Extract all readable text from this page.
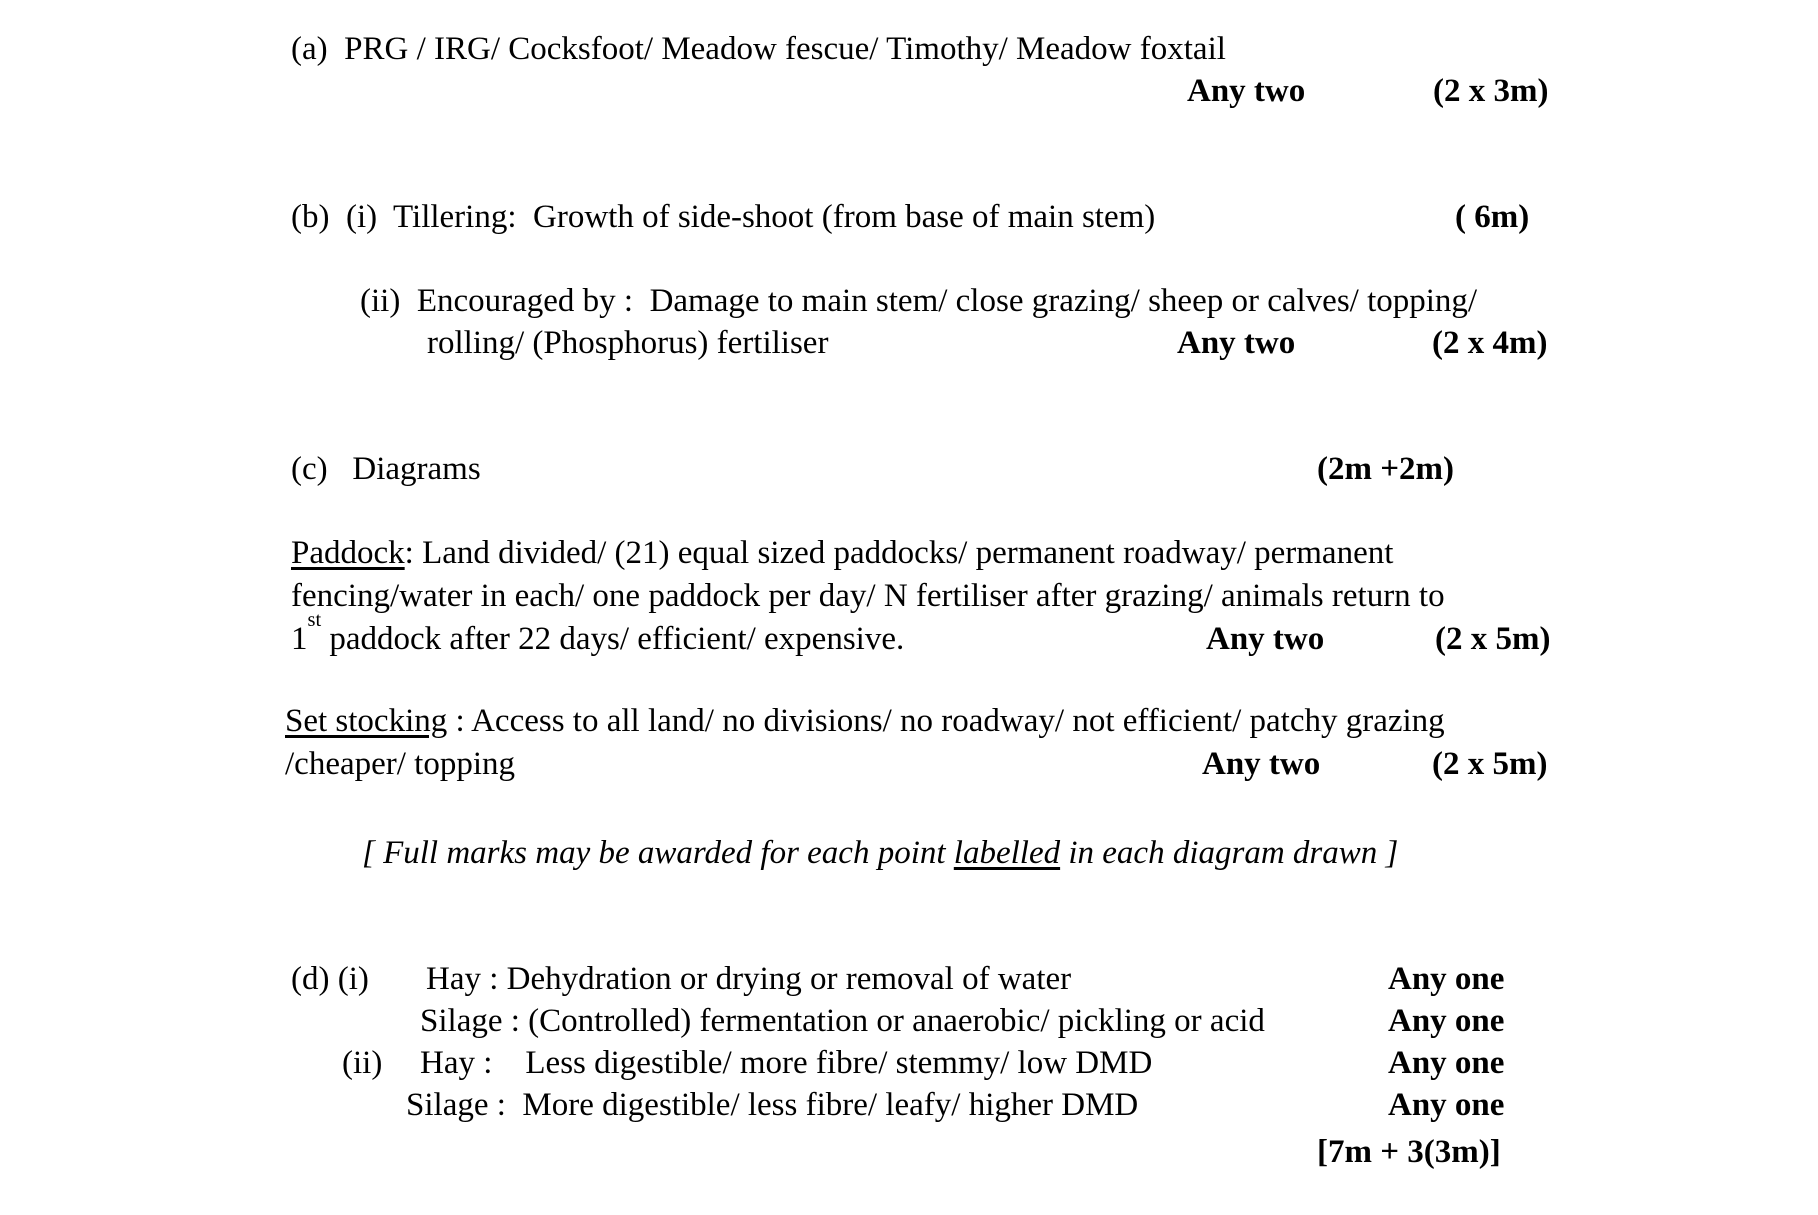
(a)  PRG / IRG/ Cocksfoot/ Meadow fescue/ Timothy/ Meadow foxtail
Any two	(2 x 3m)
(b)  (i)  Tillering:  Growth of side-shoot (from base of main stem)	( 6m)
(ii)  Encouraged by :  Damage to main stem/ close grazing/ sheep or calves/ topping/
rolling/ (Phosphorus) fertiliser	Any two	(2 x 4m)
(c)   Diagrams	(2m +2m)
Paddock: Land divided/ (21) equal sized paddocks/ permanent roadway/ permanent
fencing/water in each/ one paddock per day/ N fertiliser after grazing/ animals return to
1st paddock after 22 days/ efficient/ expensive.	Any two	(2 x 5m)
Set stocking : Access to all land/ no divisions/ no roadway/ not efficient/ patchy grazing
/cheaper/ topping	Any two	(2 x 5m)
[ Full marks may be awarded for each point labelled in each diagram drawn ]
(d) (i) Hay : Dehydration or drying or removal of water	Any one
Silage : (Controlled) fermentation or anaerobic/ pickling or acid	Any one
(ii) Hay :    Less digestible/ more fibre/ stemmy/ low DMD	Any one
Silage :  More digestible/ less fibre/ leafy/ higher DMD	Any one
[7m + 3(3m)]
